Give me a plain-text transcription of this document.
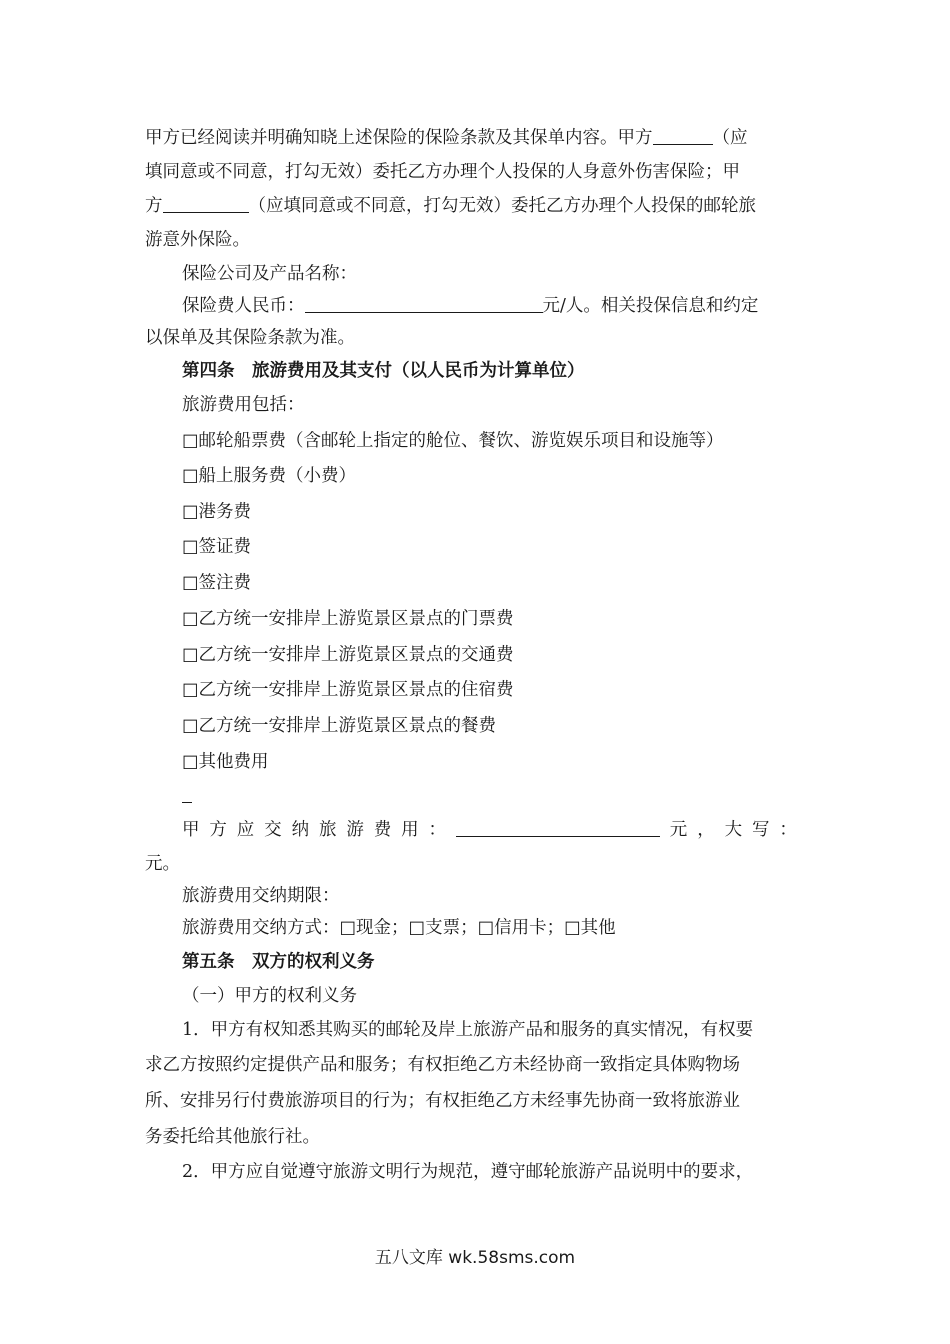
甲方已经阅读并明确知晓上述保险的保险条款及其保单内容。甲方	（应
填同意或不同意，打勾无效）委托乙方办理个人投保的人身意外伤害保险；甲
方	（应填同意或不同意，打勾无效）委托乙方办理个人投保的邮轮旅
游意外保险。
保险公司及产品名称：
保险费人民币：	元/人。相关投保信息和约定
以保单及其保险条款为准。
第四条　旅游费用及其支付（以人民币为计算单位）
旅游费用包括：
□邮轮船票费（含邮轮上指定的舱位、餐饮、游览娱乐项目和设施等）
□船上服务费（小费）
□港务费
□签证费
□签注费
□乙方统一安排岸上游览景区景点的门票费
□乙方统一安排岸上游览景区景点的交通费
□乙方统一安排岸上游览景区景点的住宿费
□乙方统一安排岸上游览景区景点的餐费
□其他费用
甲 方 应 交 纳 旅 游 费 用 ：	元 ， 大 写 ：
元。
旅游费用交纳期限：
旅游费用交纳方式：□现金；□支票；□信用卡；□其他
第五条　双方的权利义务
（一）甲方的权利义务
1．甲方有权知悉其购买的邮轮及岸上旅游产品和服务的真实情况，有权要
求乙方按照约定提供产品和服务；有权拒绝乙方未经协商一致指定具体购物场
所、安排另行付费旅游项目的行为；有权拒绝乙方未经事先协商一致将旅游业
务委托给其他旅行社。
2．甲方应自觉遵守旅游文明行为规范，遵守邮轮旅游产品说明中的要求，
五八文库 wk.58sms.com
